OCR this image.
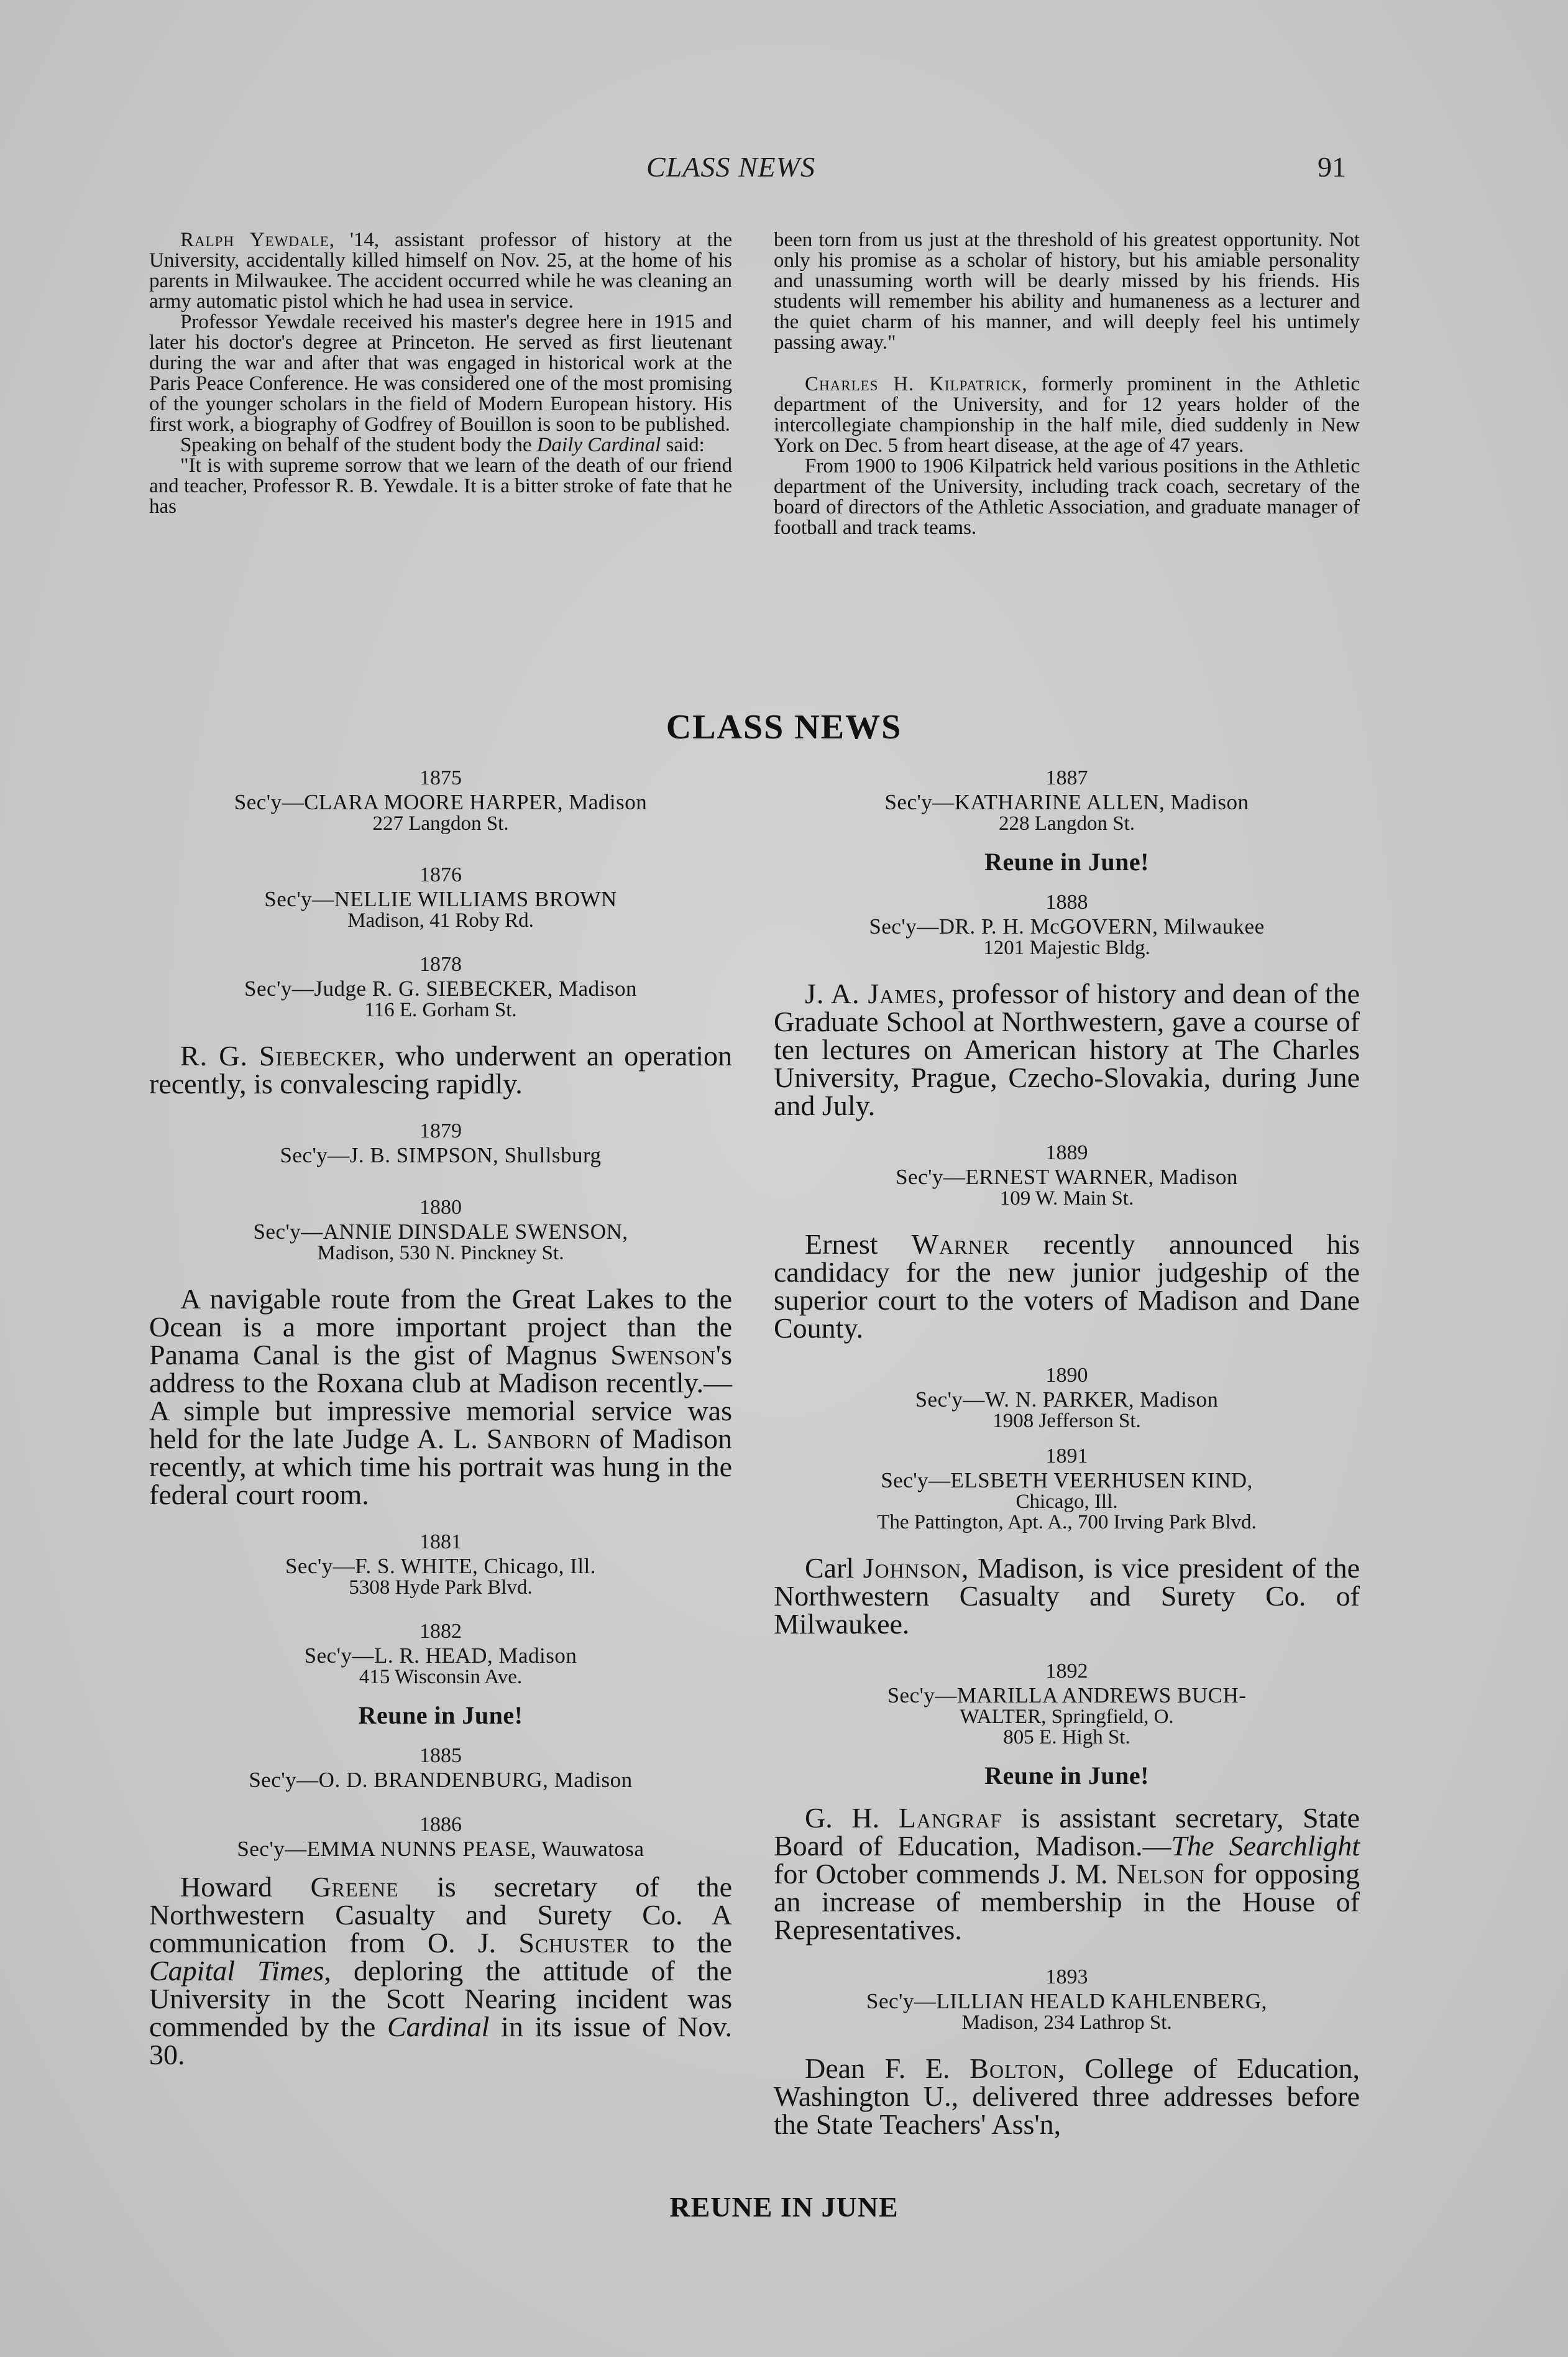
CLASS NEWS	91

Ralph Yewdale, '14, assistant professor of history at the University, accidentally killed himself on Nov. 25, at the home of his parents in Milwaukee. The accident occurred while he was cleaning an army automatic pistol which he had usea in service.

Professor Yewdale received his master's degree here in 1915 and later his doctor's degree at Princeton. He served as first lieutenant during the war and after that was engaged in historical work at the Paris Peace Conference. He was considered one of the most promising of the younger scholars in the field of Modern European history. His first work, a biography of Godfrey of Bouillon is soon to be published.

Speaking on behalf of the student body the Daily Cardinal said:

"It is with supreme sorrow that we learn of the death of our friend and teacher, Professor R. B. Yewdale. It is a bitter stroke of fate that he has

been torn from us just at the threshold of his greatest opportunity. Not only his promise as a scholar of history, but his amiable personality and unassuming worth will be dearly missed by his friends. His students will remember his ability and humaneness as a lecturer and the quiet charm of his manner, and will deeply feel his untimely passing away."

Charles H. Kilpatrick, formerly prominent in the Athletic department of the University, and for 12 years holder of the intercollegiate championship in the half mile, died suddenly in New York on Dec. 5 from heart disease, at the age of 47 years.

From 1900 to 1906 Kilpatrick held various positions in the Athletic department of the University, including track coach, secretary of the board of directors of the Athletic Association, and graduate manager of football and track teams.

CLASS NEWS

1875

Sec'y—CLARA MOORE HARPER, Madison

227 Langdon St.

1876

Sec'y—NELLIE WILLIAMS BROWN

Madison, 41 Roby Rd.

1878

Sec'y—Judge R. G. SIEBECKER, Madison

116 E. Gorham St.

R. G. Siebecker, who underwent an operation recently, is convalescing rapidly.

1879

Sec'y—J. B. SIMPSON, Shullsburg

1880

Sec'y—ANNIE DINSDALE SWENSON,

Madison, 530 N. Pinckney St.

A navigable route from the Great Lakes to the Ocean is a more important project than the Panama Canal is the gist of Magnus Swenson's address to the Roxana club at Madison recently.—A simple but impressive memorial service was held for the late Judge A. L. Sanborn of Madison recently, at which time his portrait was hung in the federal court room.

1881

Sec'y—F. S. WHITE, Chicago, Ill.

5308 Hyde Park Blvd.

1882

Sec'y—L. R. HEAD, Madison

415 Wisconsin Ave.

Reune in June!

1885

Sec'y—O. D. BRANDENBURG, Madison

1886

Sec'y—EMMA NUNNS PEASE, Wauwatosa

Howard Greene is secretary of the Northwestern Casualty and Surety Co. A communication from O. J. Schuster to the Capital Times, deploring the attitude of the University in the Scott Nearing incident was commended by the Cardinal in its issue of Nov. 30.

1887

Sec'y—KATHARINE ALLEN, Madison

228 Langdon St.

Reune in June!

1888

Sec'y—DR. P. H. McGOVERN, Milwaukee

1201 Majestic Bldg.

J. A. James, professor of history and dean of the Graduate School at Northwestern, gave a course of ten lectures on American history at The Charles University, Prague, Czecho-Slovakia, during June and July.

1889

Sec'y—ERNEST WARNER, Madison

109 W. Main St.

Ernest Warner recently announced his candidacy for the new junior judgeship of the superior court to the voters of Madison and Dane County.

1890

Sec'y—W. N. PARKER, Madison

1908 Jefferson St.

1891

Sec'y—ELSBETH VEERHUSEN KIND,

Chicago, Ill.

The Pattington, Apt. A., 700 Irving Park Blvd.

Carl Johnson, Madison, is vice president of the Northwestern Casualty and Surety Co. of Milwaukee.

1892

Sec'y—MARILLA ANDREWS BUCH-

WALTER, Springfield, O.

805 E. High St.

Reune in June!

G. H. Langraf is assistant secretary, State Board of Education, Madison.—The Searchlight for October commends J. M. Nelson for opposing an increase of membership in the House of Representatives.

1893

Sec'y—LILLIAN HEALD KAHLENBERG,

Madison, 234 Lathrop St.

Dean F. E. Bolton, College of Education, Washington U., delivered three addresses before the State Teachers' Ass'n,

REUNE IN JUNE
